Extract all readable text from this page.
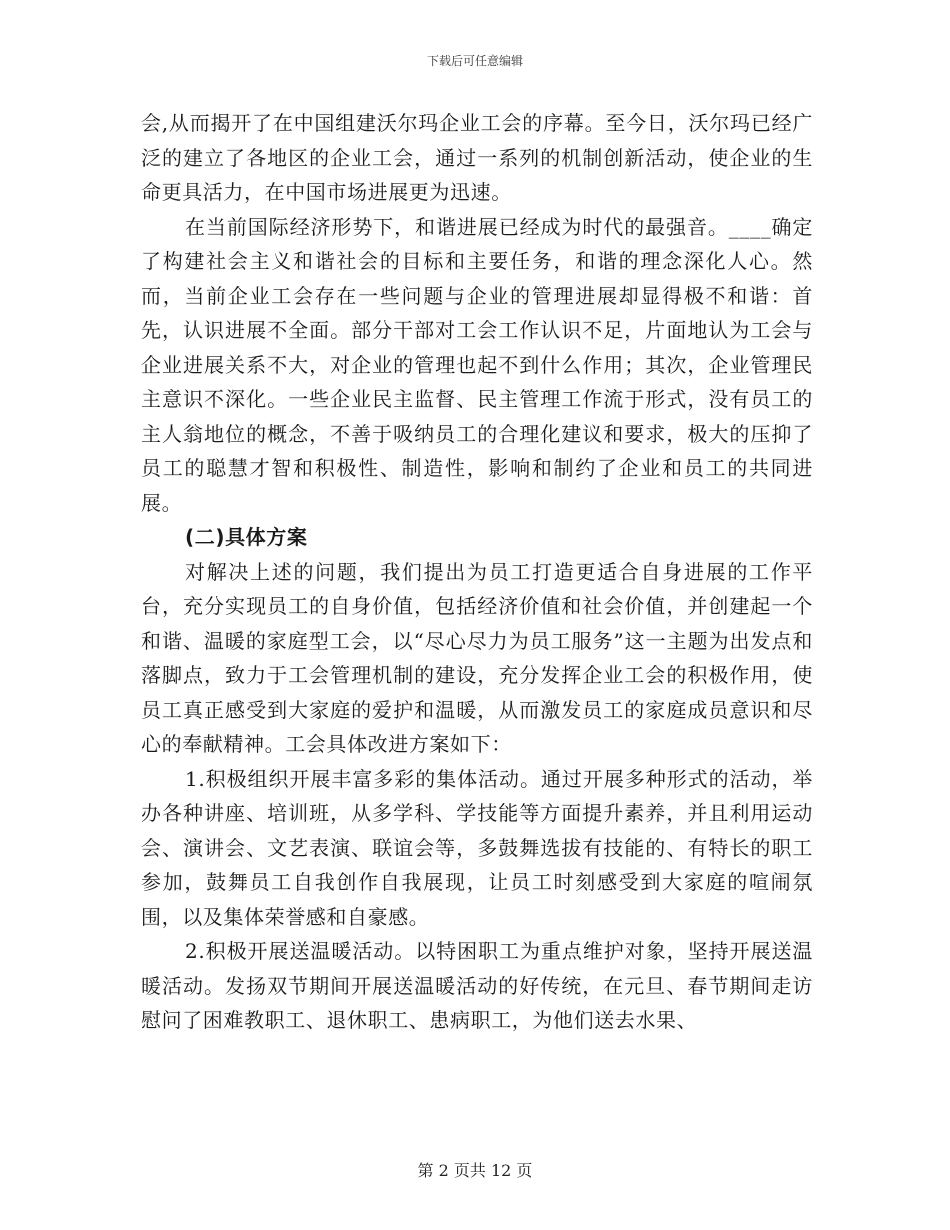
下载后可任意编辑

会,从而揭开了在中国组建沃尔玛企业工会的序幕。至今日，沃尔玛已经广泛的建立了各地区的企业工会，通过一系列的机制创新活动，使企业的生命更具活力，在中国市场进展更为迅速。

在当前国际经济形势下，和谐进展已经成为时代的最强音。____确定了构建社会主义和谐社会的目标和主要任务，和谐的理念深化人心。然而，当前企业工会存在一些问题与企业的管理进展却显得极不和谐：首先，认识进展不全面。部分干部对工会工作认识不足，片面地认为工会与企业进展关系不大，对企业的管理也起不到什么作用；其次，企业管理民主意识不深化。一些企业民主监督、民主管理工作流于形式，没有员工的主人翁地位的概念，不善于吸纳员工的合理化建议和要求，极大的压抑了员工的聪慧才智和积极性、制造性，影响和制约了企业和员工的共同进展。

(二)具体方案

对解决上述的问题，我们提出为员工打造更适合自身进展的工作平台，充分实现员工的自身价值，包括经济价值和社会价值，并创建起一个和谐、温暖的家庭型工会，以“尽心尽力为员工服务”这一主题为出发点和落脚点，致力于工会管理机制的建设，充分发挥企业工会的积极作用，使员工真正感受到大家庭的爱护和温暖，从而激发员工的家庭成员意识和尽心的奉献精神。工会具体改进方案如下：

1.积极组织开展丰富多彩的集体活动。通过开展多种形式的活动，举办各种讲座、培训班，从多学科、学技能等方面提升素养，并且利用运动会、演讲会、文艺表演、联谊会等，多鼓舞选拔有技能的、有特长的职工参加，鼓舞员工自我创作自我展现，让员工时刻感受到大家庭的喧闹氛围，以及集体荣誉感和自豪感。

2.积极开展送温暖活动。以特困职工为重点维护对象，坚持开展送温暖活动。发扬双节期间开展送温暖活动的好传统，在元旦、春节期间走访慰问了困难教职工、退休职工、患病职工，为他们送去水果、

第 2 页共 12 页
